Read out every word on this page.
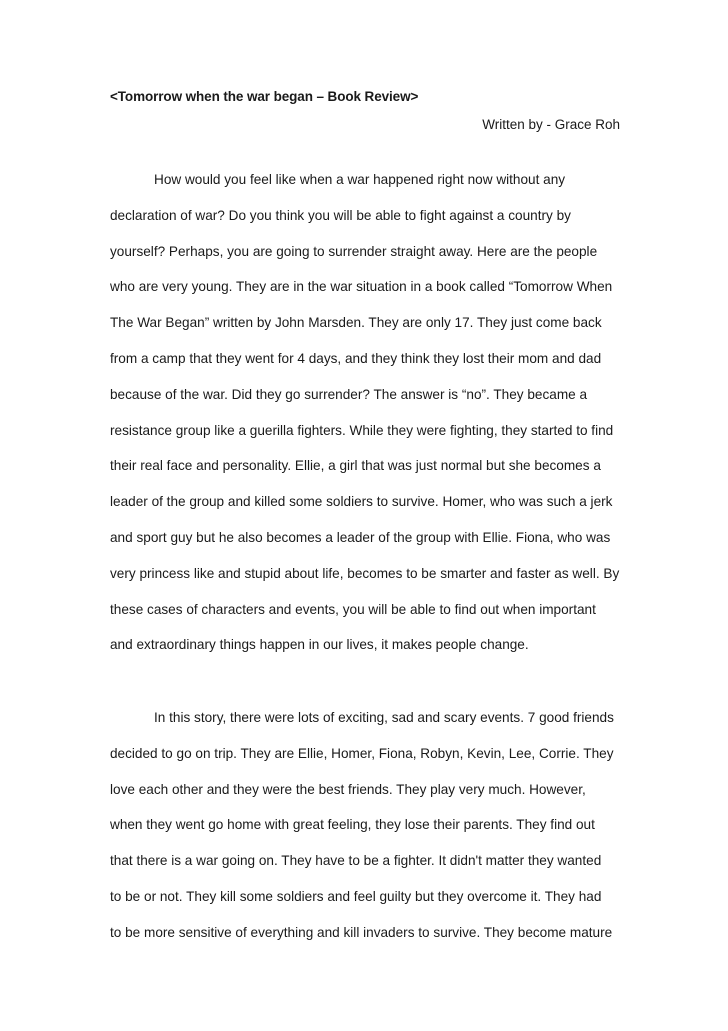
<Tomorrow when the war began – Book Review>
Written by - Grace Roh
How would you feel like when a war happened right now without any
declaration of war? Do you think you will be able to fight against a country by
yourself? Perhaps, you are going to surrender straight away. Here are the people
who are very young. They are in the war situation in a book called “Tomorrow When
The War Began” written by John Marsden. They are only 17. They just come back
from a camp that they went for 4 days, and they think they lost their mom and dad
because of the war. Did they go surrender? The answer is “no”. They became a
resistance group like a guerilla fighters. While they were fighting, they started to find
their real face and personality. Ellie, a girl that was just normal but she becomes a
leader of the group and killed some soldiers to survive. Homer, who was such a jerk
and sport guy but he also becomes a leader of the group with Ellie. Fiona, who was
very princess like and stupid about life, becomes to be smarter and faster as well. By
these cases of characters and events, you will be able to find out when important
and extraordinary things happen in our lives, it makes people change.
In this story, there were lots of exciting, sad and scary events. 7 good friends
decided to go on trip. They are Ellie, Homer, Fiona, Robyn, Kevin, Lee, Corrie. They
love each other and they were the best friends. They play very much. However,
when they went go home with great feeling, they lose their parents. They find out
that there is a war going on. They have to be a fighter. It didn't matter they wanted
to be or not. They kill some soldiers and feel guilty but they overcome it. They had
to be more sensitive of everything and kill invaders to survive. They become mature
